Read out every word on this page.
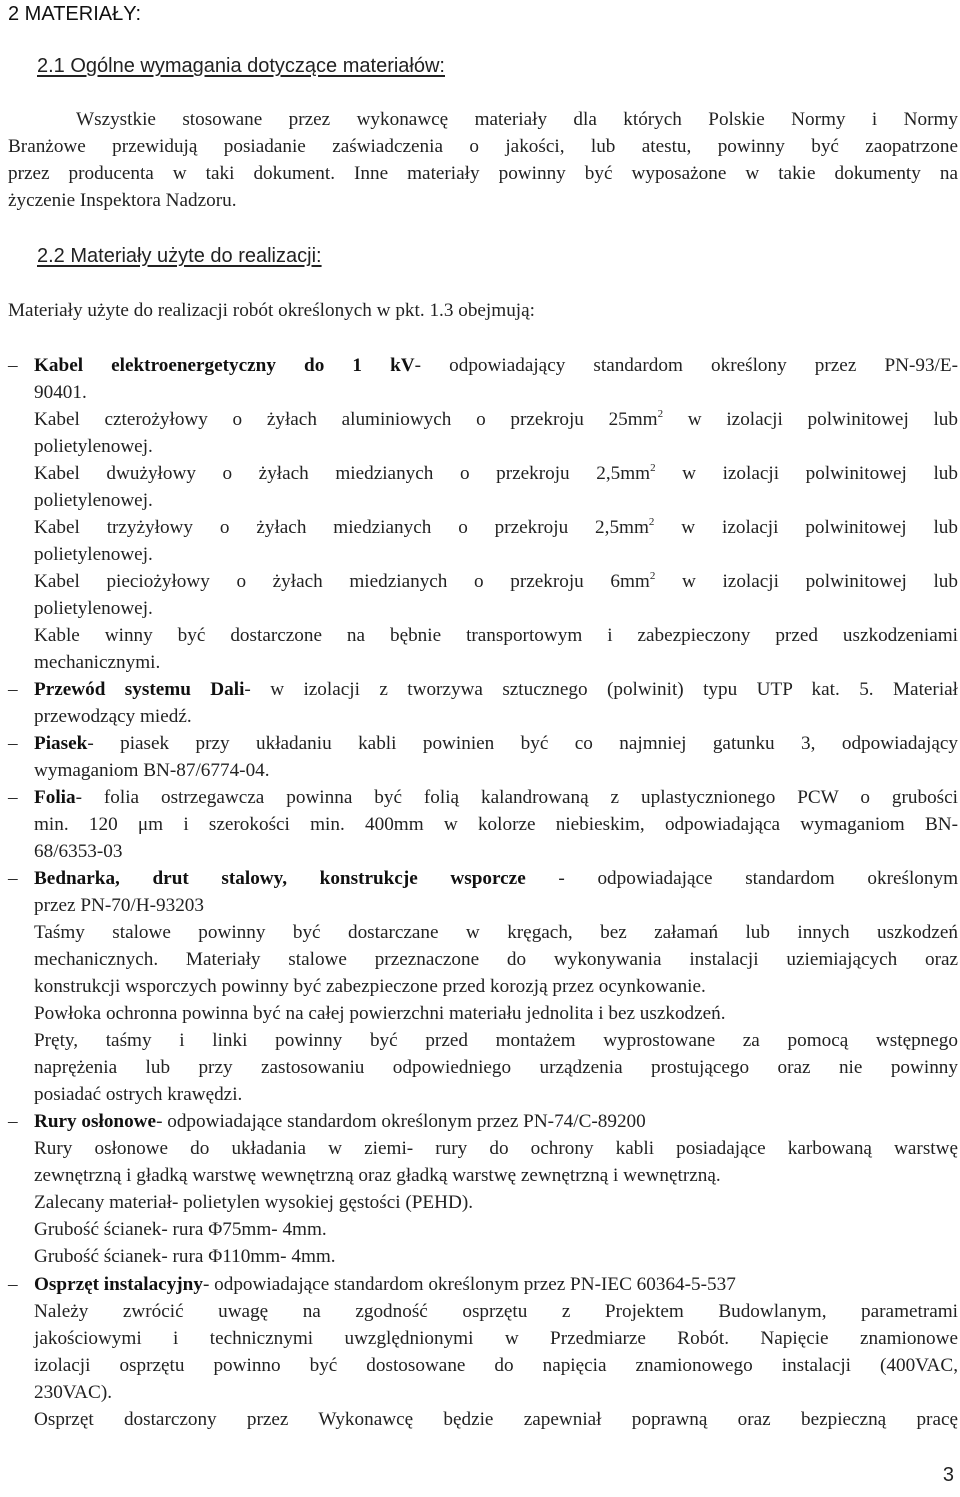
2 MATERIAŁY:
2.1 Ogólne wymagania dotyczące materiałów:
Wszystkie stosowane przez wykonawcę materiały dla których Polskie Normy i Normy
Branżowe przewidują posiadanie zaświadczenia o jakości, lub atestu, powinny być zaopatrzone
przez producenta w taki dokument. Inne materiały powinny być wyposażone w takie dokumenty na
życzenie Inspektora Nadzoru.
2.2 Materiały użyte do realizacji:
Materiały użyte do realizacji robót określonych w pkt. 1.3 obejmują:
– Kabel elektroenergetyczny do 1 kV- odpowiadający standardom określony przez PN-93/E-
90401.
Kabel czterożyłowy o żyłach aluminiowych o przekroju $25mm^2$ w izolacji polwinitowej lub
polietylenowej.
Kabel dwużyłowy o żyłach miedzianych o przekroju $2,5mm^2$ w izolacji polwinitowej lub
polietylenowej.
Kabel trzyżyłowy o żyłach miedzianych o przekroju $2,5mm^2$ w izolacji polwinitowej lub
polietylenowej.
Kabel pieciożyłowy o żyłach miedzianych o przekroju $6mm^2$ w izolacji polwinitowej lub
polietylenowej.
Kable winny być dostarczone na bębnie transportowym i zabezpieczony przed uszkodzeniami
mechanicznymi.
– Przewód systemu Dali- w izolacji z tworzywa sztucznego (polwinit) typu UTP kat. 5. Materiał
przewodzący miedź.
– Piasek- piasek przy układaniu kabli powinien być co najmniej gatunku 3, odpowiadający
wymaganiom BN-87/6774-04.
– Folia- folia ostrzegawcza powinna być folią kalandrowaną z uplastycznionego PCW o grubości
min. 120 μm i szerokości min. 400mm w kolorze niebieskim, odpowiadająca wymaganiom BN-
68/6353-03
– Bednarka, drut stalowy, konstrukcje wsporcze - odpowiadające standardom określonym
przez PN-70/H-93203
Taśmy stalowe powinny być dostarczane w kręgach, bez załamań lub innych uszkodzeń
mechanicznych. Materiały stalowe przeznaczone do wykonywania instalacji uziemiających oraz
konstrukcji wsporczych powinny być zabezpieczone przed korozją przez ocynkowanie.
Powłoka ochronna powinna być na całej powierzchni materiału jednolita i bez uszkodzeń.
Pręty, taśmy i linki powinny być przed montażem wyprostowane za pomocą wstępnego
naprężenia lub przy zastosowaniu odpowiedniego urządzenia prostującego oraz nie powinny
posiadać ostrych krawędzi.
– Rury osłonowe- odpowiadające standardom określonym przez PN-74/C-89200
Rury osłonowe do układania w ziemi- rury do ochrony kabli posiadające karbowaną warstwę
zewnętrzną i gładką warstwę wewnętrzną oraz gładką warstwę zewnętrzną i wewnętrzną.
Zalecany materiał- polietylen wysokiej gęstości (PEHD).
Grubość ścianek- rura Φ75mm- 4mm.
Grubość ścianek- rura Φ110mm- 4mm.
– Osprzęt instalacyjny- odpowiadające standardom określonym przez PN-IEC 60364-5-537
Należy zwrócić uwagę na zgodność osprzętu z Projektem Budowlanym, parametrami
jakościowymi i technicznymi uwzględnionymi w Przedmiarze Robót. Napięcie znamionowe
izolacji osprzętu powinno być dostosowane do napięcia znamionowego instalacji (400VAC,
230VAC).
Osprzęt dostarczony przez Wykonawcę będzie zapewniał poprawną oraz bezpieczną pracę
3
